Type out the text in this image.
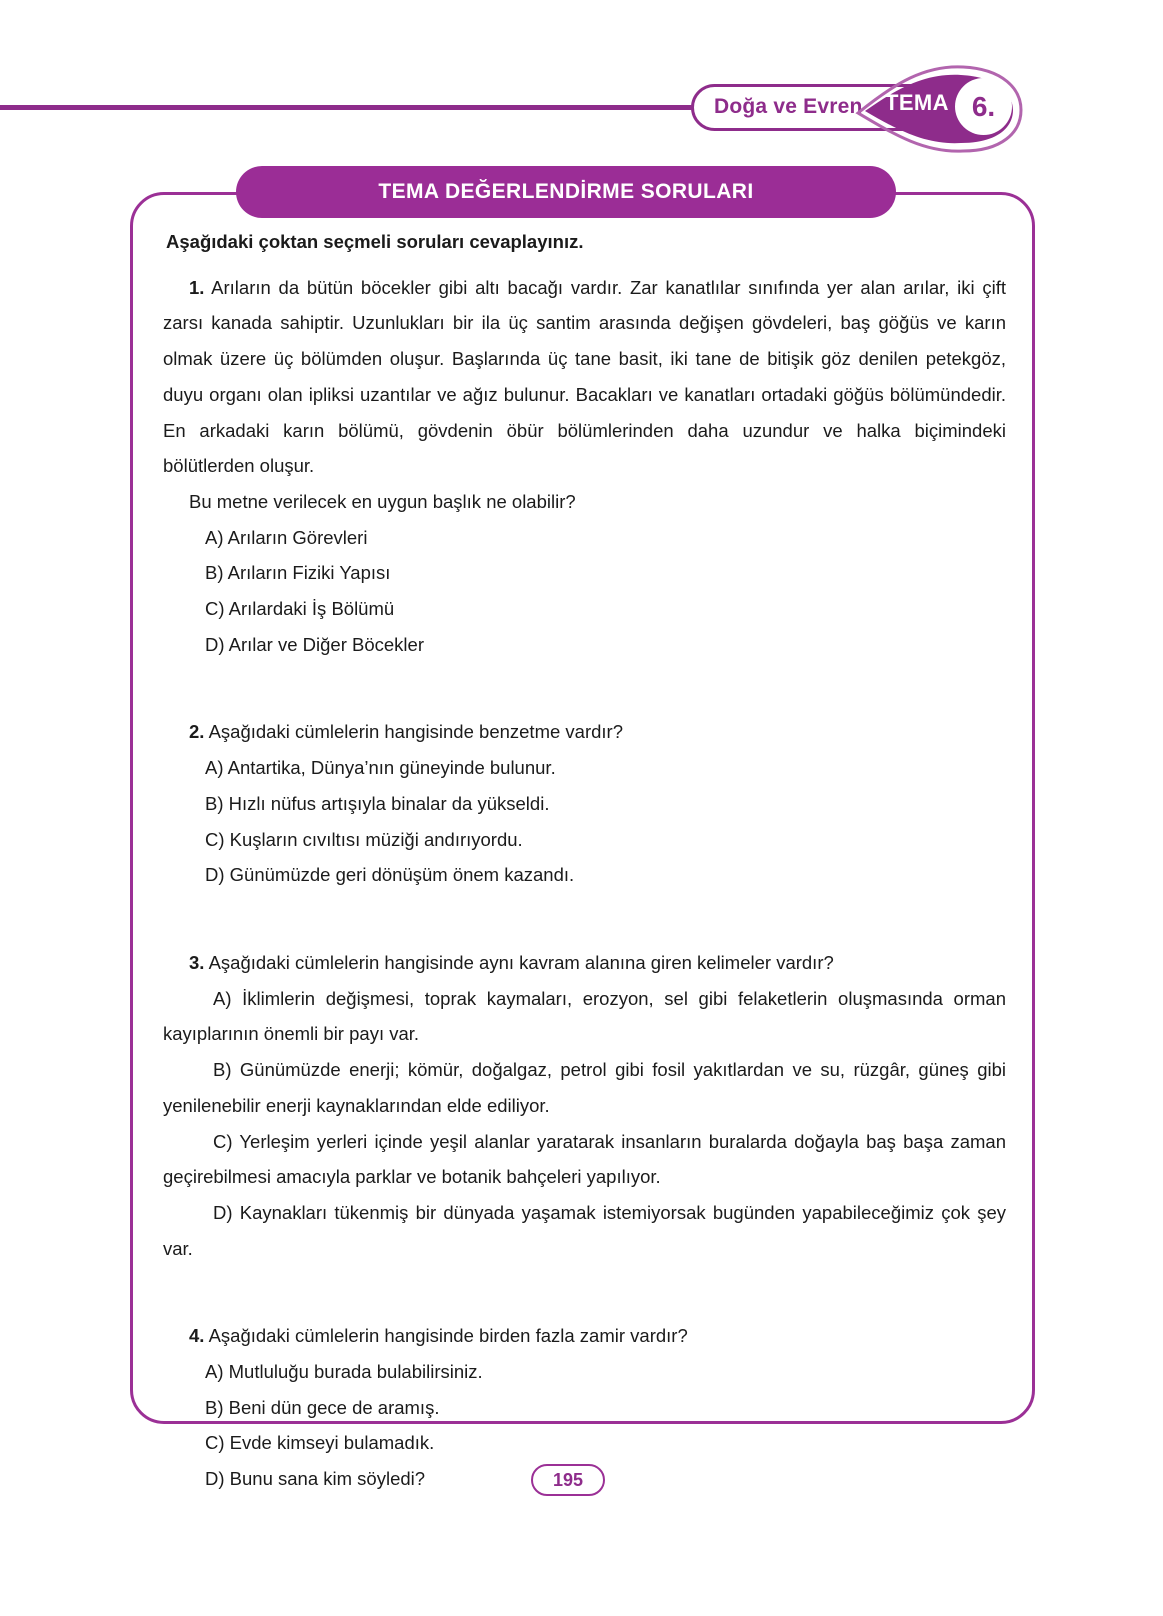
Doğa ve Evren TEMA 6.
TEMA DEĞERLENDİRME SORULARI

Aşağıdaki çoktan seçmeli soruları cevaplayınız.

1. Arıların da bütün böcekler gibi altı bacağı vardır. Zar kanatlılar sınıfında yer alan arılar, iki çift zarsı kanada sahiptir. Uzunlukları bir ila üç santim arasında değişen gövdeleri, baş göğüs ve karın olmak üzere üç bölümden oluşur. Başlarında üç tane basit, iki tane de bitişik göz denilen petekgöz, duyu organı olan ipliksi uzantılar ve ağız bulunur. Bacakları ve kanatları ortadaki göğüs bölümündedir. En arkadaki karın bölümü, gövdenin öbür bölümlerinden daha uzundur ve halka biçimindeki bölütlerden oluşur.

Bu metne verilecek en uygun başlık ne olabilir?

A) Arıların Görevleri

B) Arıların Fiziki Yapısı

C) Arılardaki İş Bölümü

D) Arılar ve Diğer Böcekler

2. Aşağıdaki cümlelerin hangisinde benzetme vardır?

A) Antartika, Dünya’nın güneyinde bulunur.

B) Hızlı nüfus artışıyla binalar da yükseldi.

C) Kuşların cıvıltısı müziği andırıyordu.

D) Günümüzde geri dönüşüm önem kazandı.

3. Aşağıdaki cümlelerin hangisinde aynı kavram alanına giren kelimeler vardır?

A) İklimlerin değişmesi, toprak kaymaları, erozyon, sel gibi felaketlerin oluşmasında orman kayıplarının önemli bir payı var.

B) Günümüzde enerji; kömür, doğalgaz, petrol gibi fosil yakıtlardan ve su, rüzgâr, güneş gibi yenilenebilir enerji kaynaklarından elde ediliyor.

C) Yerleşim yerleri içinde yeşil alanlar yaratarak insanların buralarda doğayla baş başa zaman geçirebilmesi amacıyla parklar ve botanik bahçeleri yapılıyor.

D) Kaynakları tükenmiş bir dünyada yaşamak istemiyorsak bugünden yapabileceğimiz çok şey var.

4. Aşağıdaki cümlelerin hangisinde birden fazla zamir vardır?

A) Mutluluğu burada bulabilirsiniz.

B) Beni dün gece de aramış.

C) Evde kimseyi bulamadık.

D) Bunu sana kim söyledi?	195
